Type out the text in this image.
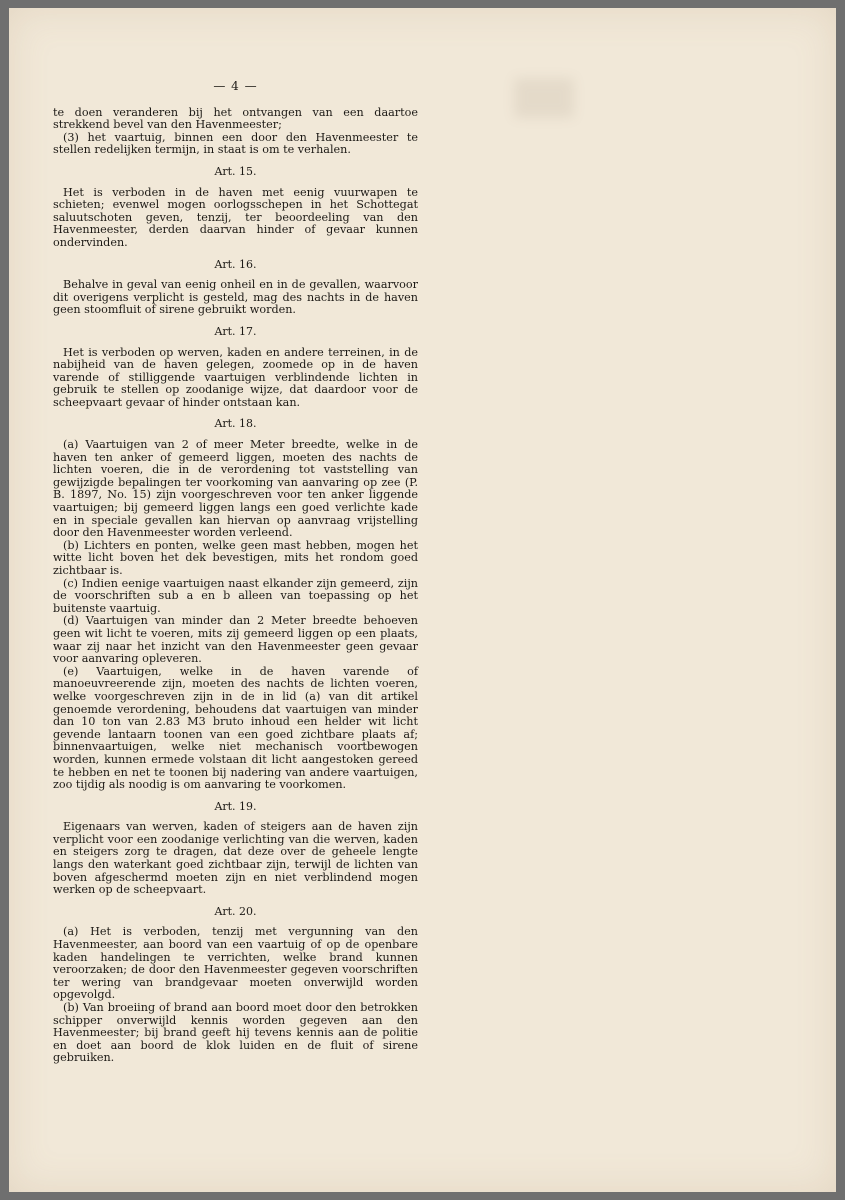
— 4 —

te doen veranderen bij het ontvangen van een daartoe strekkend bevel van den Havenmeester;

(3) het vaartuig, binnen een door den Havenmeester te stellen redelijken termijn, in staat is om te verhalen.

Art. 15.

Het is verboden in de haven met eenig vuurwapen te schieten; evenwel mogen oorlogsschepen in het Schottegat saluutschoten geven, tenzij, ter beoordeeling van den Havenmeester, derden daarvan hinder of gevaar kunnen ondervinden.

Art. 16.

Behalve in geval van eenig onheil en in de gevallen, waarvoor dit overigens verplicht is gesteld, mag des nachts in de haven geen stoomfluit of sirene gebruikt worden.

Art. 17.

Het is verboden op werven, kaden en andere terreinen, in de nabijheid van de haven gelegen, zoomede op in de haven varende of stilliggende vaartuigen verblindende lichten in gebruik te stellen op zoodanige wijze, dat daardoor voor de scheepvaart gevaar of hinder ontstaan kan.

Art. 18.

(a) Vaartuigen van 2 of meer Meter breedte, welke in de haven ten anker of gemeerd liggen, moeten des nachts de lichten voeren, die in de verordening tot vaststelling van gewijzigde bepalingen ter voorkoming van aanvaring op zee (P. B. 1897, No. 15) zijn voorgeschreven voor ten anker liggende vaartuigen; bij gemeerd liggen langs een goed verlichte kade en in speciale gevallen kan hiervan op aanvraag vrijstelling door den Havenmeester worden verleend.

(b) Lichters en ponten, welke geen mast hebben, mogen het witte licht boven het dek bevestigen, mits het rondom goed zichtbaar is.

(c) Indien eenige vaartuigen naast elkander zijn gemeerd, zijn de voorschriften sub a en b alleen van toepassing op het buitenste vaartuig.

(d) Vaartuigen van minder dan 2 Meter breedte behoeven geen wit licht te voeren, mits zij gemeerd liggen op een plaats, waar zij naar het inzicht van den Havenmeester geen gevaar voor aanvaring opleveren.

(e) Vaartuigen, welke in de haven varende of manoeuvreerende zijn, moeten des nachts de lichten voeren, welke voorgeschreven zijn in de in lid (a) van dit artikel genoemde verordening, behoudens dat vaartuigen van minder dan 10 ton van 2.83 M3 bruto inhoud een helder wit licht gevende lantaarn toonen van een goed zichtbare plaats af; binnenvaartuigen, welke niet mechanisch voortbewogen worden, kunnen ermede volstaan dit licht aangestoken gereed te hebben en net te toonen bij nadering van andere vaartuigen, zoo tijdig als noodig is om aanvaring te voorkomen.

Art. 19.

Eigenaars van werven, kaden of steigers aan de haven zijn verplicht voor een zoodanige verlichting van die werven, kaden en steigers zorg te dragen, dat deze over de geheele lengte langs den waterkant goed zichtbaar zijn, terwijl de lichten van boven afgeschermd moeten zijn en niet verblindend mogen werken op de scheepvaart.

Art. 20.

(a) Het is verboden, tenzij met vergunning van den Havenmeester, aan boord van een vaartuig of op de openbare kaden handelingen te verrichten, welke brand kunnen veroorzaken; de door den Havenmeester gegeven voorschriften ter wering van brandgevaar moeten onverwijld worden opgevolgd.

(b) Van broeiing of brand aan boord moet door den betrokken schipper onverwijld kennis worden gegeven aan den Havenmeester; bij brand geeft hij tevens kennis aan de politie en doet aan boord de klok luiden en de fluit of sirene gebruiken.
